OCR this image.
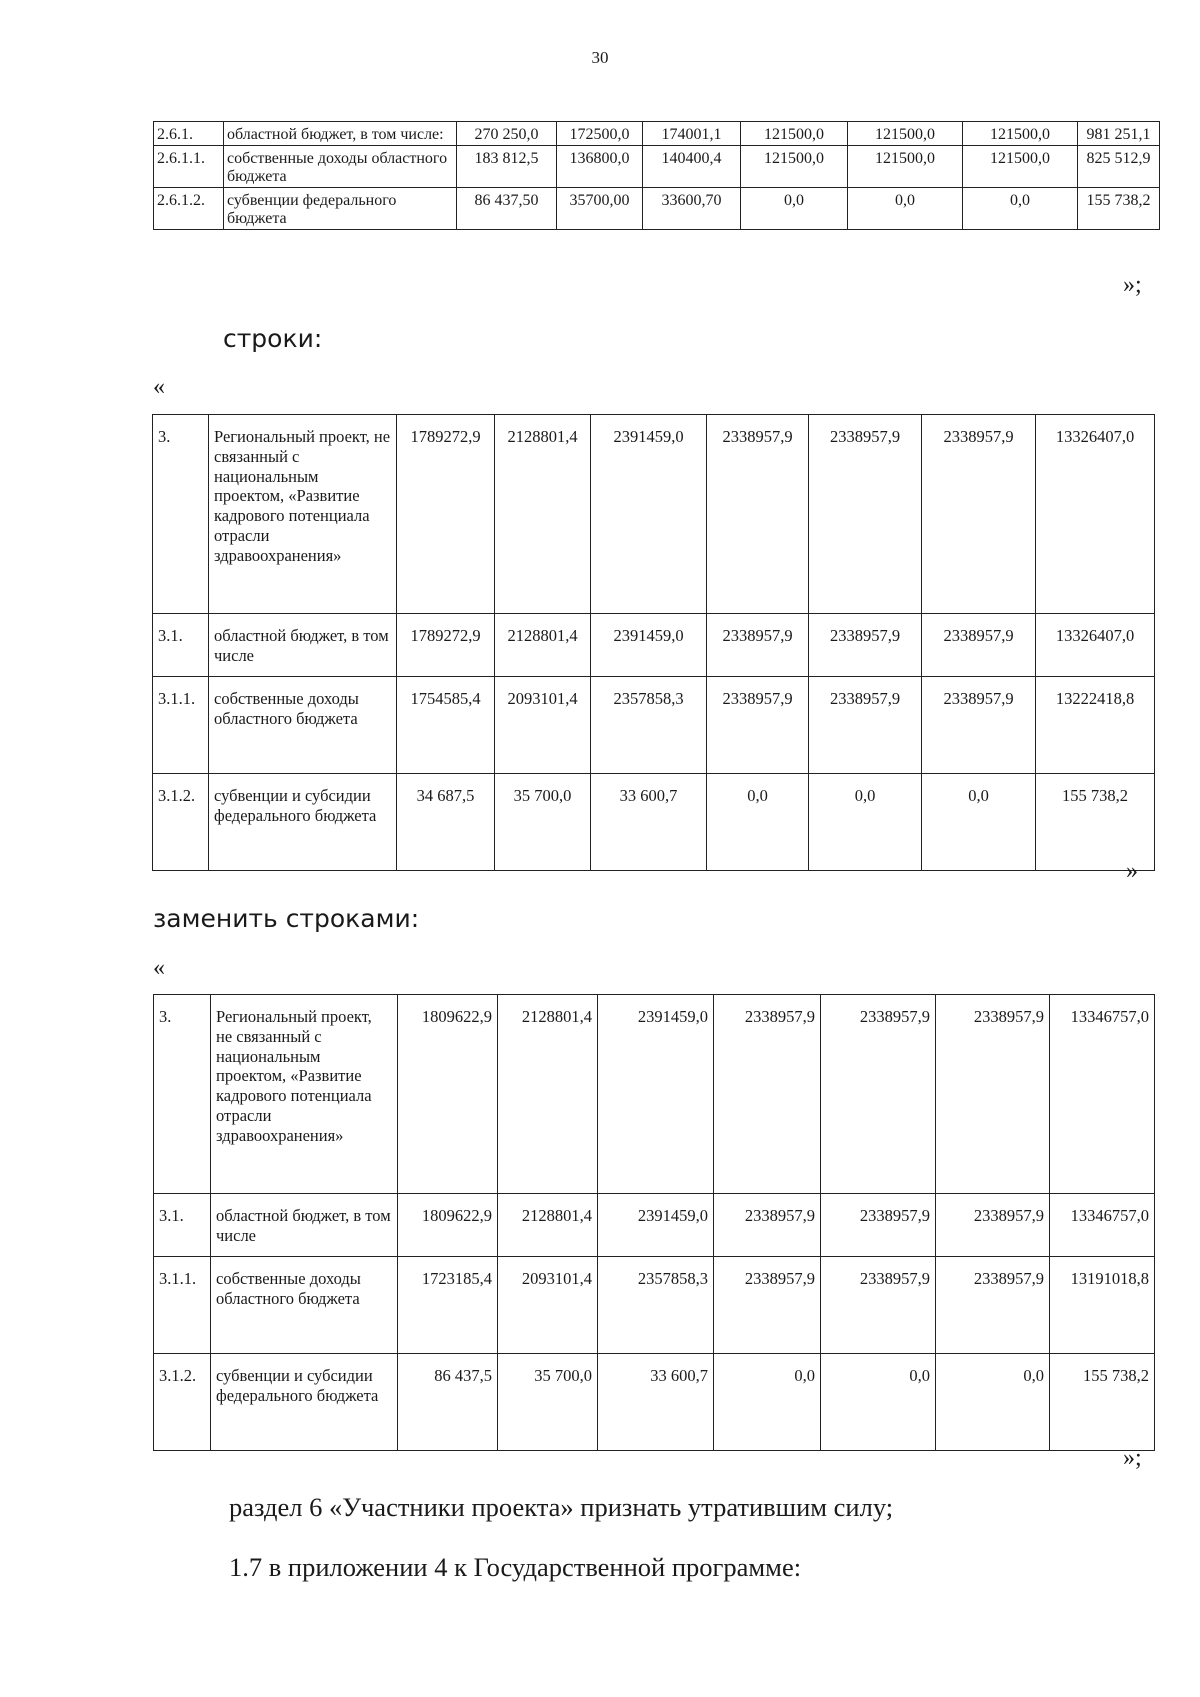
30
2.6.1.	областной бюджет, в том числе:	270 250,0	172500,0	174001,1	121500,0	121500,0	121500,0	981 251,1
2.6.1.1.	собственные доходы областного бюджета	183 812,5	136800,0	140400,4	121500,0	121500,0	121500,0	825 512,9
2.6.1.2.	субвенции федерального бюджета	86 437,50	35700,00	33600,70	0,0	0,0	0,0	155 738,2
»;
строки:
«
3.	Региональный проект, не связанный с национальным проектом, «Развитие кадрового потенциала отрасли здравоохранения»	1789272,9	2128801,4	2391459,0	2338957,9	2338957,9	2338957,9	13326407,0
3.1.	областной бюджет, в том числе	1789272,9	2128801,4	2391459,0	2338957,9	2338957,9	2338957,9	13326407,0
3.1.1.	собственные доходы областного бюджета	1754585,4	2093101,4	2357858,3	2338957,9	2338957,9	2338957,9	13222418,8
3.1.2.	субвенции и субсидии федерального бюджета	34 687,5	35 700,0	33 600,7	0,0	0,0	0,0	155 738,2
»
заменить строками:
«
3.	Региональный проект, не связанный с национальным проектом, «Развитие кадрового потенциала отрасли здравоохранения»	1809622,9	2128801,4	2391459,0	2338957,9	2338957,9	2338957,9	13346757,0
3.1.	областной бюджет, в том числе	1809622,9	2128801,4	2391459,0	2338957,9	2338957,9	2338957,9	13346757,0
3.1.1.	собственные доходы областного бюджета	1723185,4	2093101,4	2357858,3	2338957,9	2338957,9	2338957,9	13191018,8
3.1.2.	субвенции и субсидии федерального бюджета	86 437,5	35 700,0	33 600,7	0,0	0,0	0,0	155 738,2
»;
раздел 6 «Участники проекта» признать утратившим силу;
1.7 в приложении 4 к Государственной программе:
